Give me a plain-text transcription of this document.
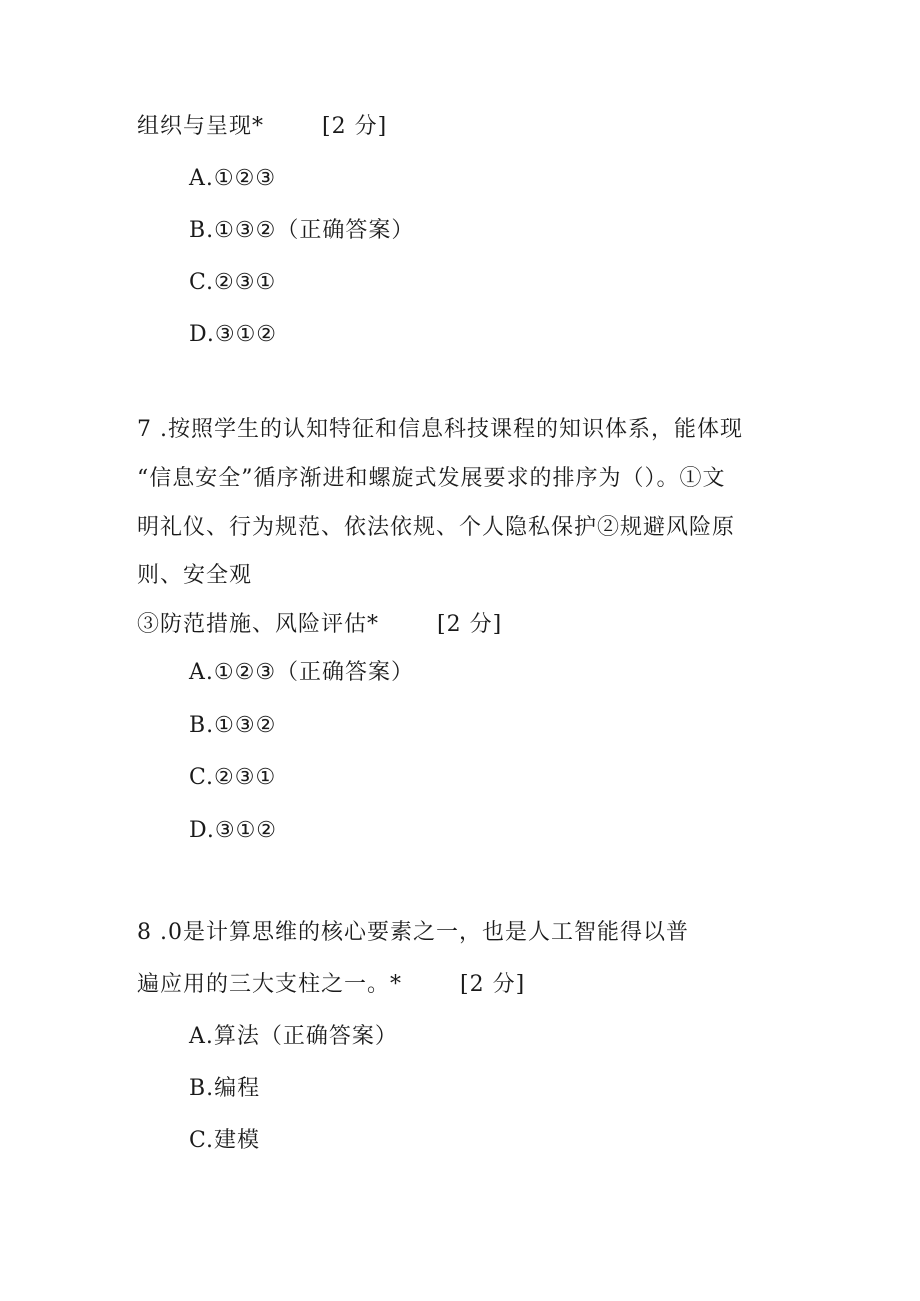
组织与呈现*	[2 分]
A.①②③
B.①③②（正确答案）
C.②③①
D.③①②
7 .按照学生的认知特征和信息科技课程的知识体系，能体现
“信息安全”循序渐进和螺旋式发展要求的排序为（）。①文
明礼仪、行为规范、依法依规、个人隐私保护②规避风险原
则、安全观
③防范措施、风险评估*	[2 分]
A.①②③（正确答案）
B.①③②
C.②③①
D.③①②
8 .0是计算思维的核心要素之一，也是人工智能得以普
遍应用的三大支柱之一。*	[2 分]
A.算法（正确答案）
B.编程
C.建模
